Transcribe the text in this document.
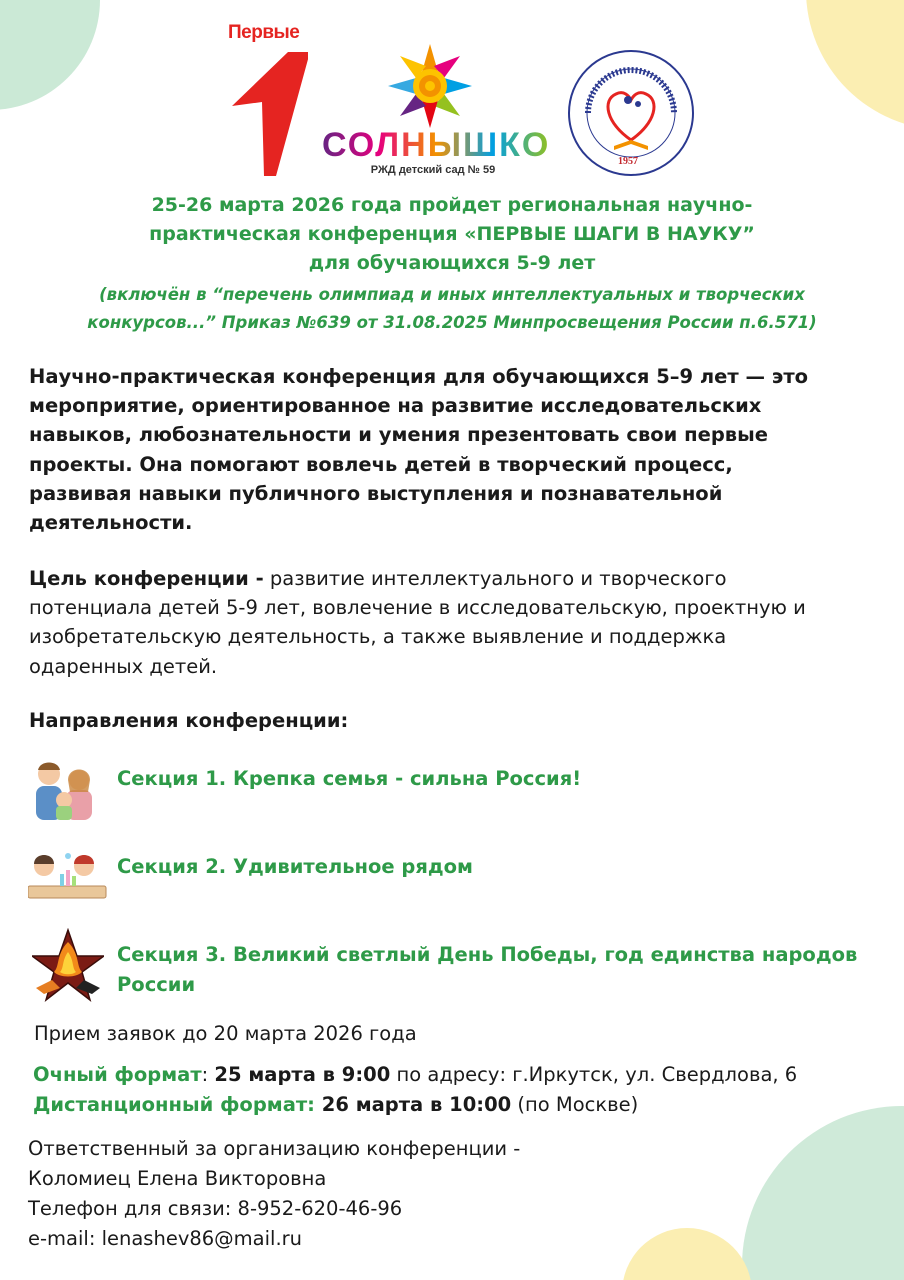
Первые
СОЛНЫШКО
РЖД детский сад № 59
1957
25-26 марта 2026 года пройдет региональная научно-
практическая конференция «ПЕРВЫЕ ШАГИ В НАУКУ”
для обучающихся 5-9 лет
(включён в “перечень олимпиад и иных интеллектуальных и творческих
конкурсов...” Приказ №639 от 31.08.2025 Минпросвещения России п.6.571)
Научно-практическая конференция для обучающихся 5–9 лет — это
мероприятие, ориентированное на развитие исследовательских
навыков, любознательности и умения презентовать свои первые
проекты. Она помогают вовлечь детей в творческий процесс,
развивая навыки публичного выступления и познавательной
деятельности.
Цель конференции - развитие интеллектуального и творческого
потенциала детей 5-9 лет, вовлечение в исследовательскую, проектную и
изобретательскую деятельность, а также выявление и поддержка
одаренных детей.
Направления конференции:
Секция 1. Крепка семья - сильна Россия!
Секция 2. Удивительное рядом
Секция 3. Великий светлый День Победы, год единства народов России
Прием заявок до 20 марта 2026 года
Очный формат: 25 марта в 9:00 по адресу: г.Иркутск, ул. Свердлова, 6
Дистанционный формат: 26 марта в 10:00 (по Москве)
Ответственный за организацию конференции -
Коломиец Елена Викторовна
Телефон для связи: 8-952-620-46-96
e-mail: lenashev86@mail.ru
